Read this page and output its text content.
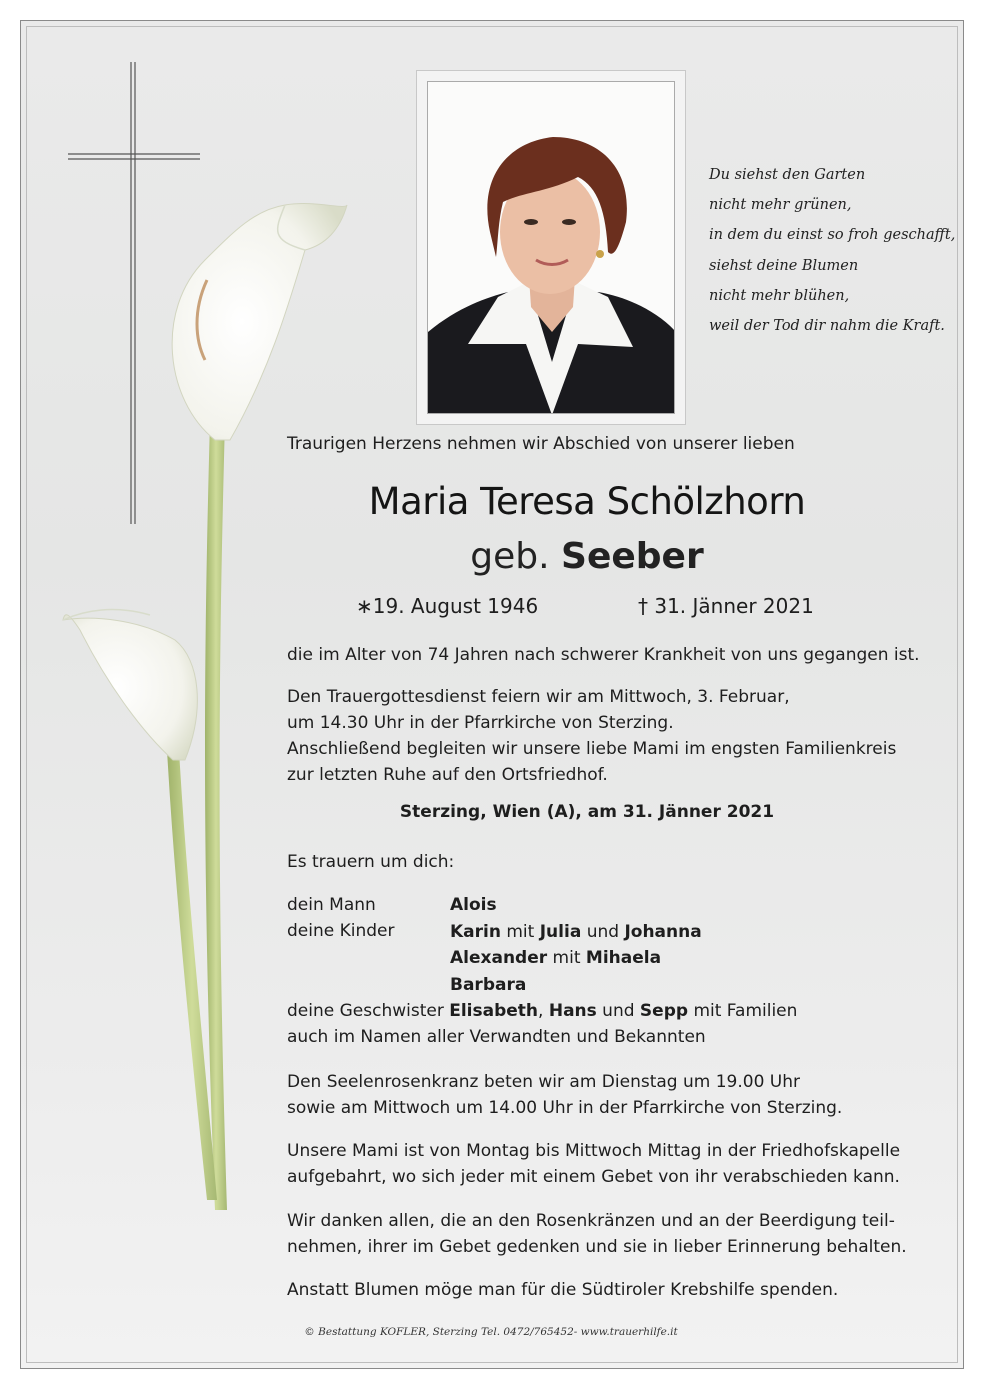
Du siehst den Garten
nicht mehr grünen,
in dem du einst so froh geschafft,
siehst deine Blumen
nicht mehr blühen,
weil der Tod dir nahm die Kraft.
Traurigen Herzens nehmen wir Abschied von unserer lieben
Maria Teresa Schölzhorn
geb. Seeber
∗19. August 1946	† 31. Jänner 2021
die im Alter von 74 Jahren nach schwerer Krankheit von uns gegangen ist.
Den Trauergottesdienst feiern wir am Mittwoch, 3. Februar,
um 14.30 Uhr in der Pfarrkirche von Sterzing.
Anschließend begleiten wir unsere liebe Mami im engsten Familienkreis
zur letzten Ruhe auf den Ortsfriedhof.
Sterzing, Wien (A), am 31. Jänner 2021
Es trauern um dich:
dein Mann
deine Kinder
Alois
Karin mit Julia und Johanna
Alexander mit Mihaela
Barbara
deine Geschwister Elisabeth, Hans und Sepp mit Familien
auch im Namen aller Verwandten und Bekannten
Den Seelenrosenkranz beten wir am Dienstag um 19.00 Uhr
sowie am Mittwoch um 14.00 Uhr in der Pfarrkirche von Sterzing.
Unsere Mami ist von Montag bis Mittwoch Mittag in der Friedhofskapelle
aufgebahrt, wo sich jeder mit einem Gebet von ihr verabschieden kann.
Wir danken allen, die an den Rosenkränzen und an der Beerdigung teil-
nehmen, ihrer im Gebet gedenken und sie in lieber Erinnerung behalten.
Anstatt Blumen möge man für die Südtiroler Krebshilfe spenden.
© Bestattung KOFLER, Sterzing Tel. 0472/765452- www.trauerhilfe.it
